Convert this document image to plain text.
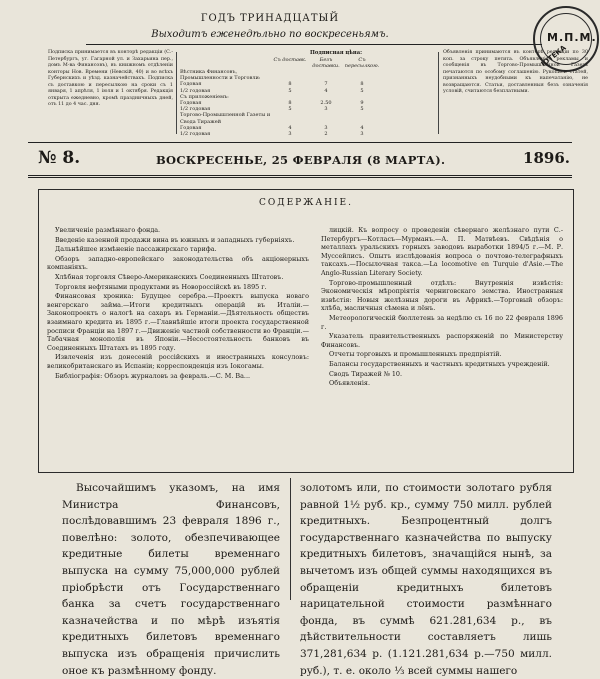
ГОДЪ ТРИНАДЦАТЫЙ
Выходитъ еженедѣльно по воскресеньямъ.	М.П.М.
ІОТЕКА
Подписка принимается въ конторѣ редакціи (С.-Петербургъ, уг. Гагарной ул. и Захарьина пер., домъ М-ва Финансовъ), въ книжномъ отдѣленіи конторы Нов. Времени (Невскій, 40) и во всѣхъ Губернскихъ и уѣзд. казначействахъ. Подписка съ доставкою и пересылкою на сроки съ 1 января, 1 апрѣля, 1 іюля и 1 октября. Редакція открыта ежедневно, кромѣ праздничныхъ дней, отъ 11 до 4 час. дня.
Подписная цѣна:
Съ доставк.	Безъ доставки.
Съ пересылкою.
Вѣстника Финансовъ, Промышленности и Торговли:
Годовая	8	7	8
1/2 годовая	5	4	5
Съ приложеніемъ:
Годовая	8	2.50	9
1/2 годовая	5	3	5
Торгово-Промышленной Газеты и Свода Тиражей
Годовая	4	3	4
1/2 годовая	3	2	3
Объявленія принимаются въ конторѣ редакціи по 30 коп. за строку петита. Объявленія, рекламы и сообщенія въ Торгово-Промышленной Газетѣ печатаются по особому соглашенію. Рукописи статей, признанныхъ неудобными къ напечатанію, не возвращаются. Статьи, доставленныя безъ означенія условій, считаются безплатными.
№ 8.	ВОСКРЕСЕНЬЕ, 25 ФЕВРАЛЯ (8 МАРТА).	1896.
СОДЕРЖАНІЕ.
Увеличеніе размѣннаго фонда.
Введеніе казенной продажи вина въ южныхъ и западныхъ губерніяхъ.
Дальнѣйшее измѣненіе пассажирскаго тарифа.
Обзоръ западно-европейскаго законодательства объ акціонерныхъ компаніяхъ.
Хлѣбная торговля Сѣверо-Американскихъ Соединенныхъ Штатовъ.
Торговля нефтяными продуктами въ Новороссійскѣ въ 1895 г.
Финансовая хроника: Будущее серебра.—Проектъ выпуска новаго венгерскаго займа.—Итоги кредитныхъ операцій въ Италіи.—Законопроектъ о налогѣ на сахаръ въ Германіи.—Дѣятельность обществъ взаимнаго кредита въ 1895 г.—Главнѣйшіе итоги проекта государственной росписи Франціи на 1897 г.—Движеніе частной собственности во Франціи.—Табачная монополія въ Японіи.—Несостоятельность банковъ въ Соединенныхъ Штатахъ въ 1895 году.
Извлеченія изъ донесеній россійскихъ и иностранныхъ консуловъ: великобританскаго въ Испаніи; корреспонденція изъ Іокогамы.
Библіографія: Обзоръ журналовъ за февраль.—С. М. Ва...
лицкій. Къ вопросу о проведеніи сѣвернаго желѣзнаго пути С.-Петербургъ—Котласъ—Мурманъ.—А. П. Матвѣевъ. Свѣдѣнія о металлахъ уральскихъ горныхъ заводовъ выработки 1894/5 г.—М. Р. Муссейлисъ. Опытъ изслѣдованія вопроса о почтово-телеграфныхъ таксахъ.—Посылочная такса.—La locomotive en Turquie d'Asie.—The Anglo-Russian Literary Society.
Торгово-промышленный отдѣлъ: Внутреннія извѣстія: Экономическія мѣропріятія черниговскаго земства. Иностранныя извѣстія: Новыя желѣзныя дороги въ Африкѣ.—Торговый обзоръ: хлѣба, масличныя сѣмена и лёнъ.
Метеорологическій бюллетень за недѣлю съ 16 по 22 февраля 1896 г.
Указатель правительственныхъ распоряженій по Министерству Финансовъ.
Отчеты торговыхъ и промышленныхъ предпріятій.
Балансы государственныхъ и частныхъ кредитныхъ учрежденій.
Сводъ Тиражей № 10.
Объявленія.
Высочайшимъ указомъ, на имя Министра Финансовъ, послѣдовавшимъ 23 февраля 1896 г., повелѣно: золото, обезпечивающее кредитные билеты временнаго выпуска на сумму 75,000,000 рублей пріобрѣсти отъ Государственнаго банка за счетъ государственнаго казначейства и по мѣрѣ изъятія кредитныхъ билетовъ временнаго выпуска изъ обращенія причислить оное къ размѣнному фонду.
золотомъ или, по стоимости золотаго рубля равной 1½ руб. кр., сумму 750 милл. рублей кредитныхъ. Безпроцентный долгъ государственнаго казначейства по выпуску кредитныхъ билетовъ, значащійся нынѣ, за вычетомъ изъ общей суммы находящихся въ обращеніи кредитныхъ билетовъ нарицательной стоимости размѣннаго фонда, въ суммѣ 621.281,634 р., въ дѣйствительности составляетъ лишь 371,281,634 р. (1.121.281,634 р.—750 милл. руб.), т. е. около ⅓ всей суммы нашего
